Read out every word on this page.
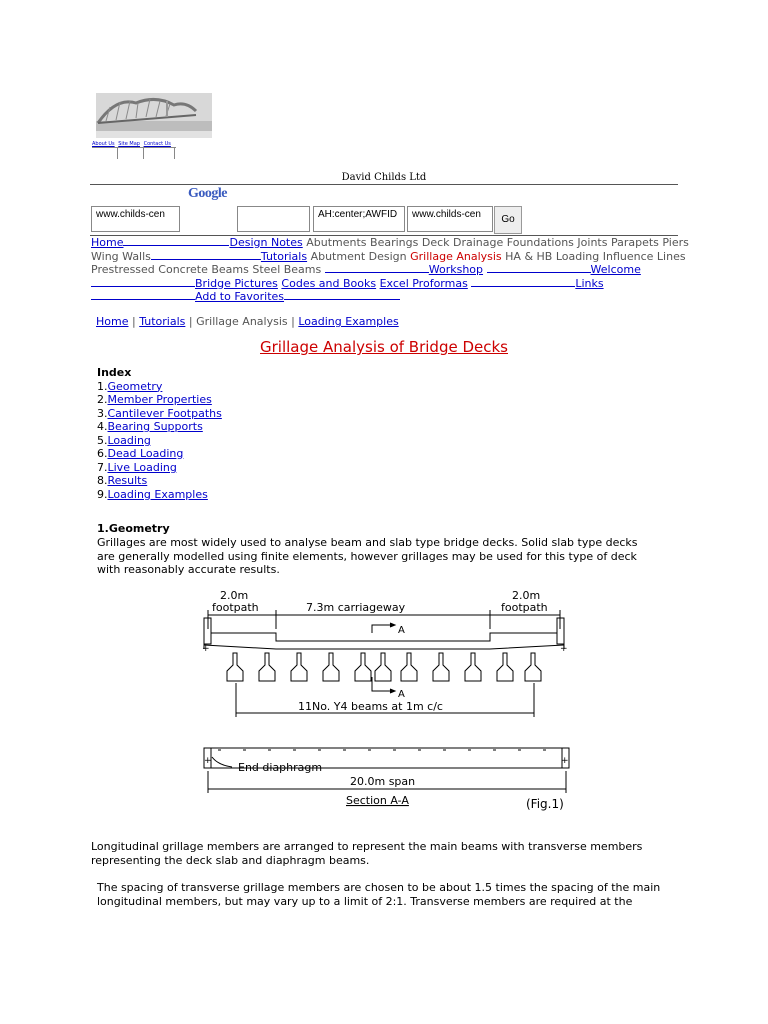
About Us Site Map Contact Us
David Childs Ltd
Google
www.childs-cen	AH:center;AWFID	www.childs-cen	Go
Home	Design Notes Abutments Bearings Deck Drainage Foundations Joints Parapets Piers
Wing Walls	Tutorials Abutment Design Grillage Analysis HA & HB Loading Influence Lines
Prestressed Concrete Beams Steel Beams	Workshop	Welcome
Bridge Pictures Codes and Books Excel Proformas	Links
Add to Favorites
Home | Tutorials | Grillage Analysis | Loading Examples
Grillage Analysis of Bridge Decks
Index
1.Geometry
2.Member Properties
3.Cantilever Footpaths
4.Bearing Supports
5.Loading
6.Dead Loading
7.Live Loading
8.Results
9.Loading Examples
1.Geometry
Grillages are most widely used to analyse beam and slab type bridge decks. Solid slab type decks are generally modelled using finite elements, however grillages may be used for this type of deck with reasonably accurate results.
2.0m
footpath	7.3m carriageway
2.0m
footpath
A
A
11No. Y4 beams at 1m c/c
End diaphragm
20.0m span
Section A-A	(Fig.1)
+	+
+	+
Longitudinal grillage members are arranged to represent the main beams with transverse members representing the deck slab and diaphragm beams.
The spacing of transverse grillage members are chosen to be about 1.5 times the spacing of the main longitudinal members, but may vary up to a limit of 2:1. Transverse members are required at the
